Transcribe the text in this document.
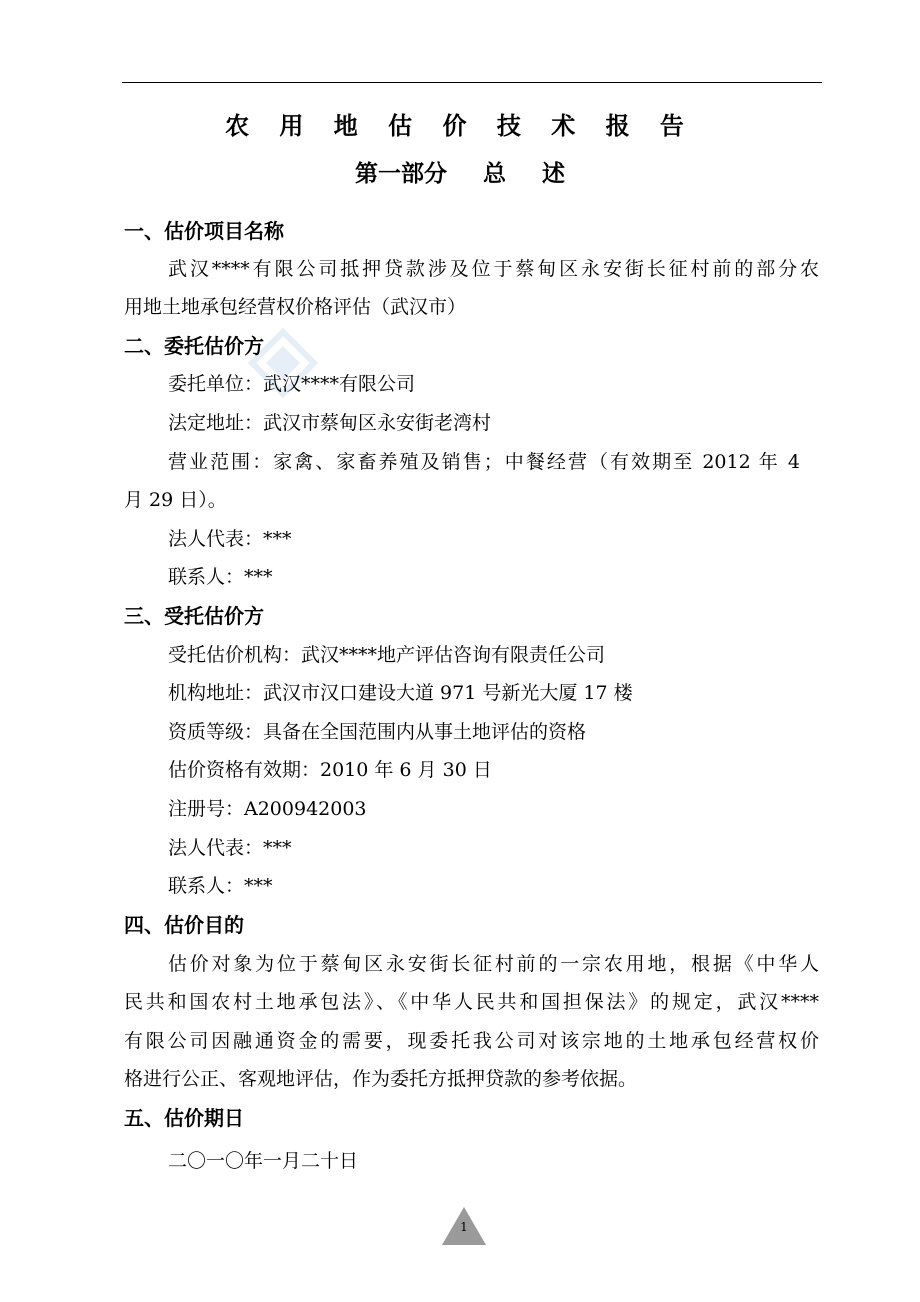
农 用 地 估 价 技 术 报 告
第一部分 总 述
一、估价项目名称
武汉****有限公司抵押贷款涉及位于蔡甸区永安街长征村前的部分农
用地土地承包经营权价格评估（武汉市）
二、委托估价方
委托单位：武汉****有限公司
法定地址：武汉市蔡甸区永安街老湾村
营业范围：家禽、家畜养殖及销售；中餐经营（有效期至 2012 年 4
月 29 日）。
法人代表：***
联系人：***
三、受托估价方
受托估价机构：武汉****地产评估咨询有限责任公司
机构地址：武汉市汉口建设大道 971 号新光大厦 17 楼
资质等级：具备在全国范围内从事土地评估的资格
估价资格有效期：2010 年 6 月 30 日
注册号：A200942003
法人代表：***
联系人：***
四、估价目的
估价对象为位于蔡甸区永安街长征村前的一宗农用地，根据《中华人
民共和国农村土地承包法》、《中华人民共和国担保法》的规定，武汉****
有限公司因融通资金的需要，现委托我公司对该宗地的土地承包经营权价
格进行公正、客观地评估，作为委托方抵押贷款的参考依据。
五、估价期日
二〇一〇年一月二十日
1
